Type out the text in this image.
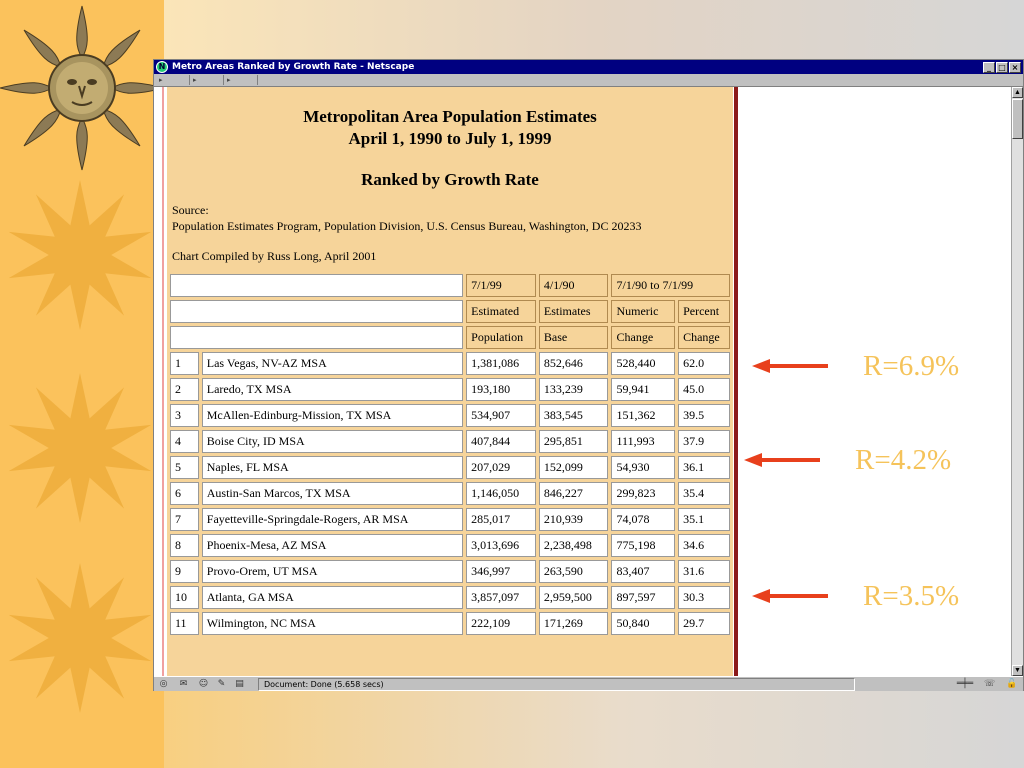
N Metro Areas Ranked by Growth Rate - Netscape	_ □ ×
▸	▸	▸
Metropolitan Area Population Estimates
April 1, 1990 to July 1, 1999
Ranked by Growth Rate
Source:
Population Estimates Program, Population Division, U.S. Census Bureau, Washington, DC 20233
Chart Compiled by Russ Long, April 2001
		7/1/99	4/1/90	7/1/90 to 7/1/99	
		Estimated	Estimates	Numeric	Percent
		Population	Base	Change	Change
1	Las Vegas, NV-AZ MSA	1,381,086	852,646	528,440	62.0
2	Laredo, TX MSA	193,180	133,239	59,941	45.0
3	McAllen-Edinburg-Mission, TX MSA	534,907	383,545	151,362	39.5
4	Boise City, ID MSA	407,844	295,851	111,993	37.9
5	Naples, FL MSA	207,029	152,099	54,930	36.1
6	Austin-San Marcos, TX MSA	1,146,050	846,227	299,823	35.4
7	Fayetteville-Springdale-Rogers, AR MSA	285,017	210,939	74,078	35.1
8	Phoenix-Mesa, AZ MSA	3,013,696	2,238,498	775,198	34.6
9	Provo-Orem, UT MSA	346,997	263,590	83,407	31.6
10	Atlanta, GA MSA	3,857,097	2,959,500	897,597	30.3
11	Wilmington, NC MSA	222,109	171,269	50,840	29.7
▲
▼
◎ ✉ ☺ ✎ ▤	Document: Done (5.658 secs)	═╪═	☏ 🔓
R=6.9%
R=4.2%
R=3.5%
